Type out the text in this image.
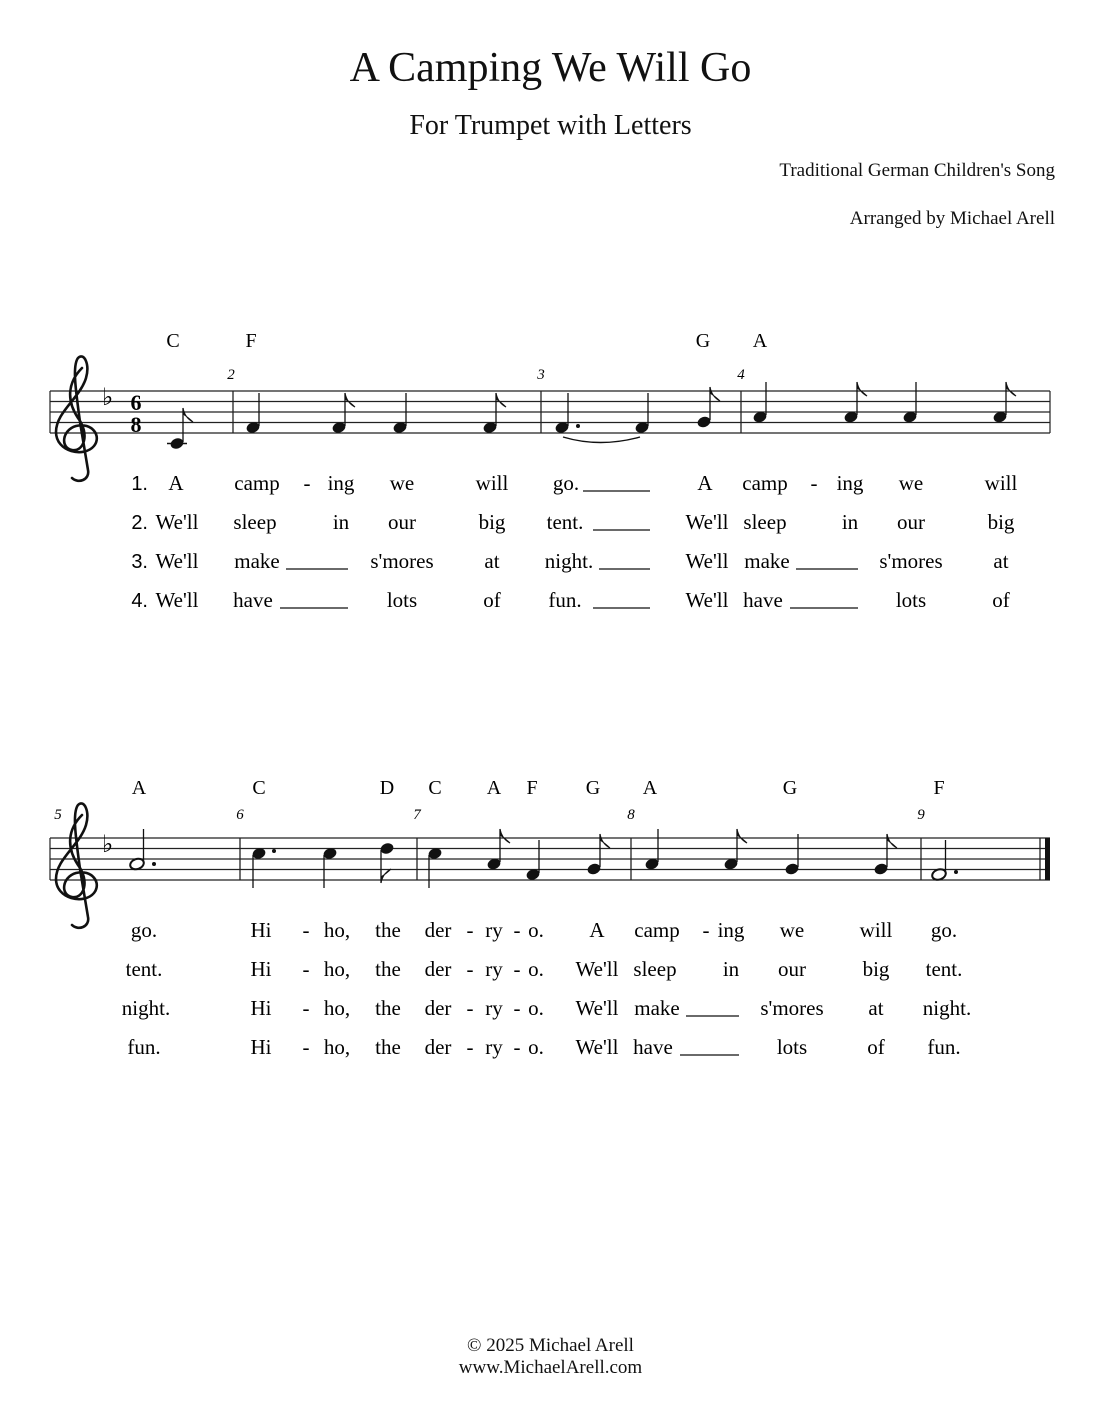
A Camping We Will Go
For Trumpet with Letters
Traditional German Children's Song
Arranged by Michael Arell
♭ 6
8
2	3	4
C	F	G A
1. A camp - ing we	will go.	A camp - ing we	will
2. We'll sleep	in our	big tent.	We'll sleep	in our	big
3. We'll make	s'mores at night.	We'll make	s'mores at
4. We'll have	lots	of fun.	We'll have	lots	of
♭
5	6	7	8	9
A	C	D C A F G A	G	F
go.	Hi - ho, the der - ry - o. A camp - ing we	will go.
tent.	Hi - ho, the der - ry - o. We'll sleep in our	big tent.
night.	Hi - ho, the der - ry - o. We'll make	s'mores at night.
fun.	Hi - ho, the der - ry - o. We'll have	lots	of fun.
© 2025 Michael Arell
www.MichaelArell.com
